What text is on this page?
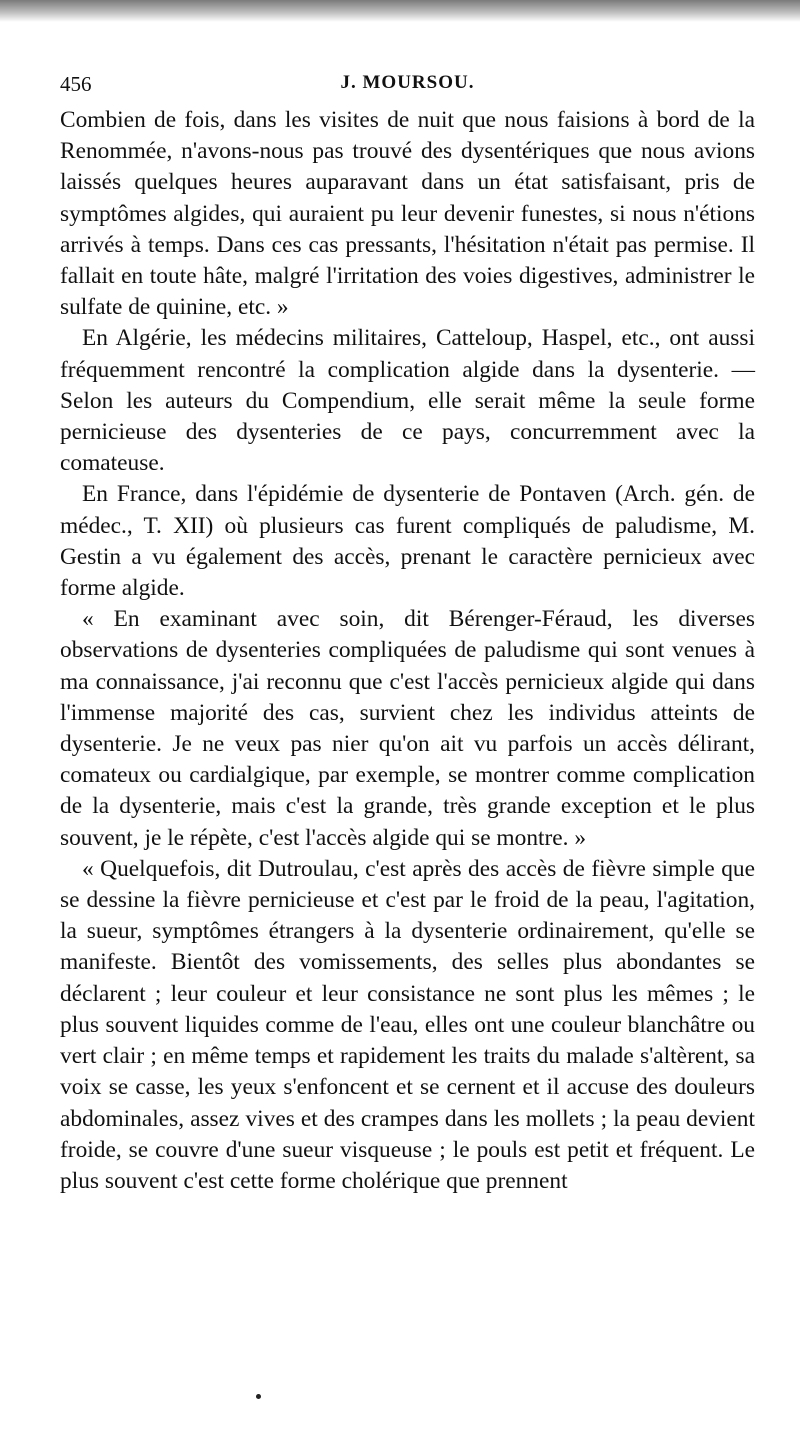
456	J. MOURSOU.

Combien de fois, dans les visites de nuit que nous faisions à bord de la Renommée, n'avons-nous pas trouvé des dysentériques que nous avions laissés quelques heures auparavant dans un état satisfaisant, pris de symptômes algides, qui auraient pu leur devenir funestes, si nous n'étions arrivés à temps. Dans ces cas pressants, l'hésitation n'était pas permise. Il fallait en toute hâte, malgré l'irritation des voies digestives, administrer le sulfate de quinine, etc. »

En Algérie, les médecins militaires, Catteloup, Haspel, etc., ont aussi fréquemment rencontré la complication algide dans la dysenterie. — Selon les auteurs du Compendium, elle serait même la seule forme pernicieuse des dysenteries de ce pays, concurremment avec la comateuse.

En France, dans l'épidémie de dysenterie de Pontaven (Arch. gén. de médec., T. XII) où plusieurs cas furent compliqués de paludisme, M. Gestin a vu également des accès, prenant le caractère pernicieux avec forme algide.

« En examinant avec soin, dit Bérenger-Féraud, les diverses observations de dysenteries compliquées de paludisme qui sont venues à ma connaissance, j'ai reconnu que c'est l'accès pernicieux algide qui dans l'immense majorité des cas, survient chez les individus atteints de dysenterie. Je ne veux pas nier qu'on ait vu parfois un accès délirant, comateux ou cardialgique, par exemple, se montrer comme complication de la dysenterie, mais c'est la grande, très grande exception et le plus souvent, je le répète, c'est l'accès algide qui se montre. »

« Quelquefois, dit Dutroulau, c'est après des accès de fièvre simple que se dessine la fièvre pernicieuse et c'est par le froid de la peau, l'agitation, la sueur, symptômes étrangers à la dysenterie ordinairement, qu'elle se manifeste. Bientôt des vomissements, des selles plus abondantes se déclarent ; leur couleur et leur consistance ne sont plus les mêmes ; le plus souvent liquides comme de l'eau, elles ont une couleur blanchâtre ou vert clair ; en même temps et rapidement les traits du malade s'altèrent, sa voix se casse, les yeux s'enfoncent et se cernent et il accuse des douleurs abdominales, assez vives et des crampes dans les mollets ; la peau devient froide, se couvre d'une sueur visqueuse ; le pouls est petit et fréquent. Le plus souvent c'est cette forme cholérique que prennent
